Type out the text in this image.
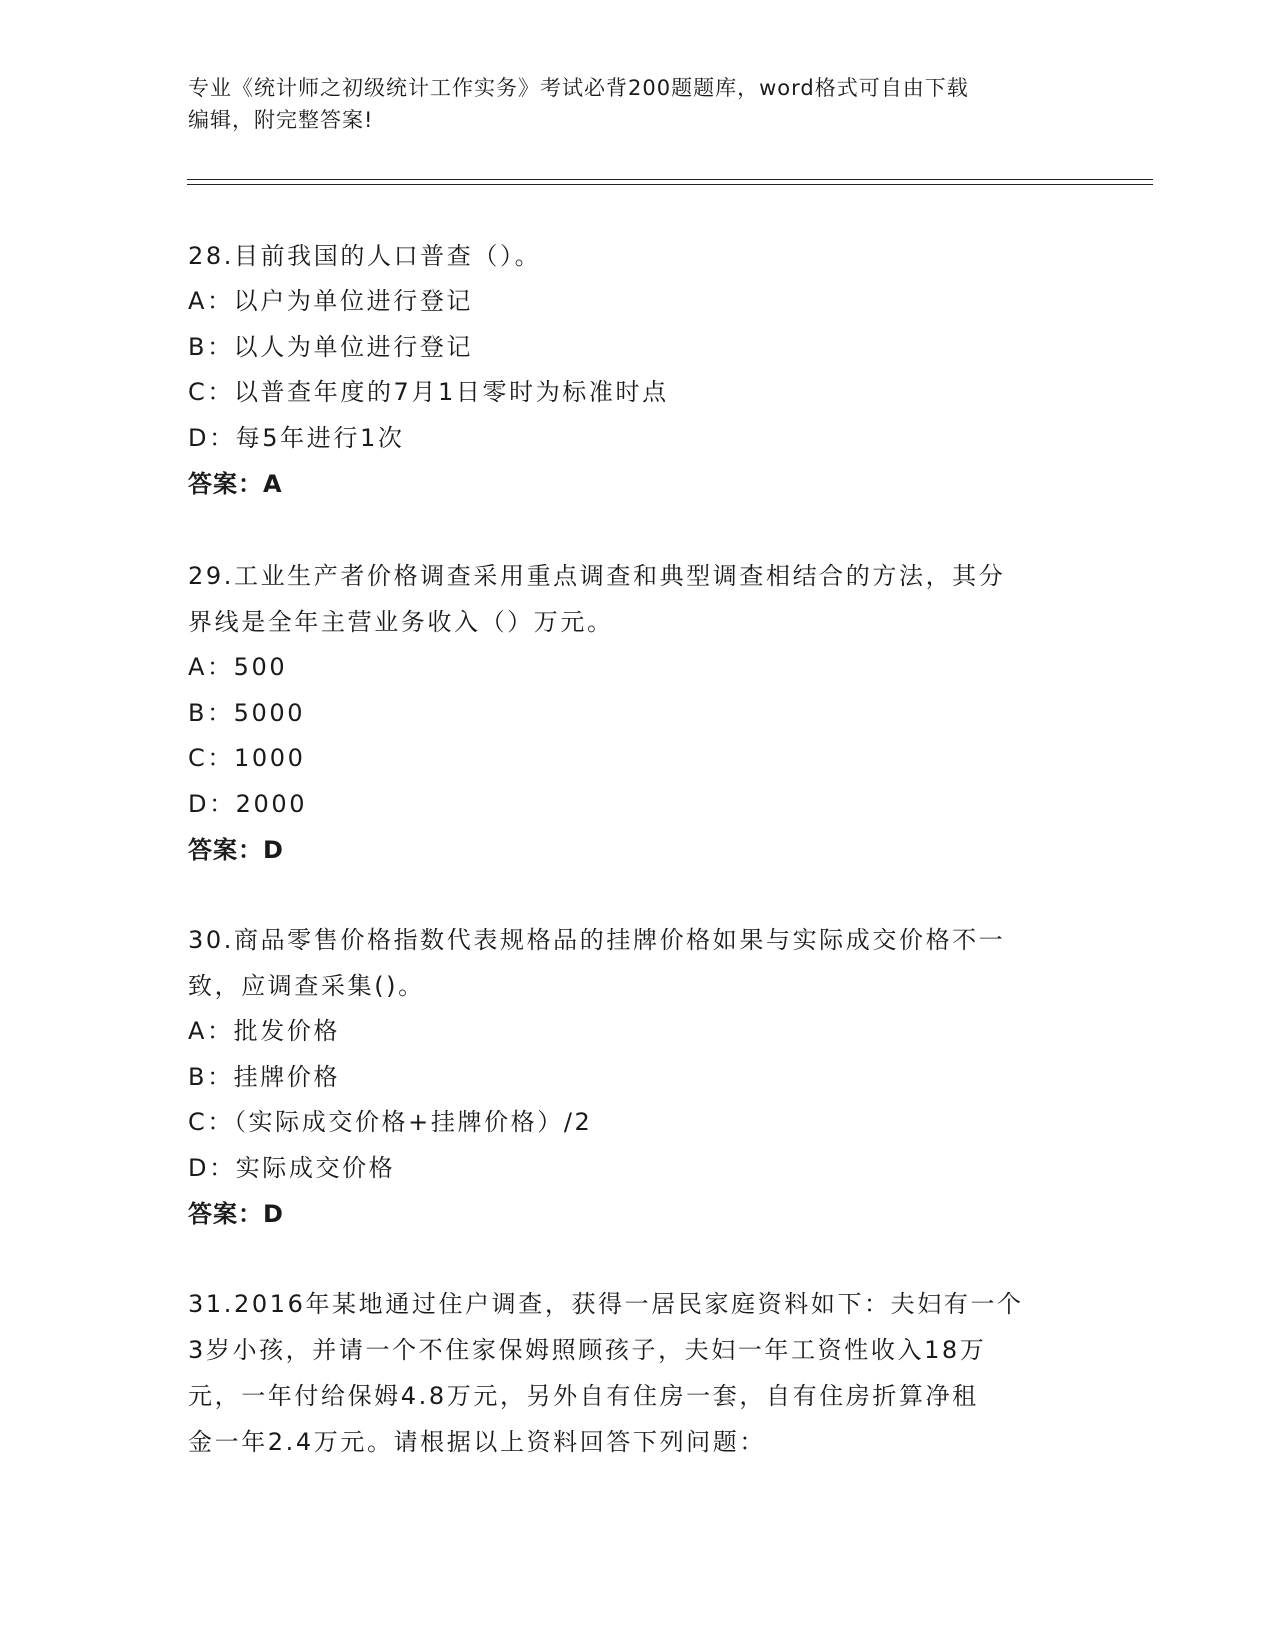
专业《统计师之初级统计工作实务》考试必背200题题库，word格式可自由下载
编辑，附完整答案!

28.目前我国的人口普查（）。

A：以户为单位进行登记

B：以人为单位进行登记

C：以普查年度的7月1日零时为标准时点

D：每5年进行1次

答案：A

29.工业生产者价格调查采用重点调查和典型调查相结合的方法，其分

界线是全年主营业务收入（）万元。

A：500

B：5000

C：1000

D：2000

答案：D

30.商品零售价格指数代表规格品的挂牌价格如果与实际成交价格不一

致，应调查采集()。

A：批发价格

B：挂牌价格

C：（实际成交价格+挂牌价格）/2

D：实际成交价格

答案：D

31.2016年某地通过住户调查，获得一居民家庭资料如下：夫妇有一个

3岁小孩，并请一个不住家保姆照顾孩子，夫妇一年工资性收入18万

元，一年付给保姆4.8万元，另外自有住房一套，自有住房折算净租

金一年2.4万元。请根据以上资料回答下列问题：
